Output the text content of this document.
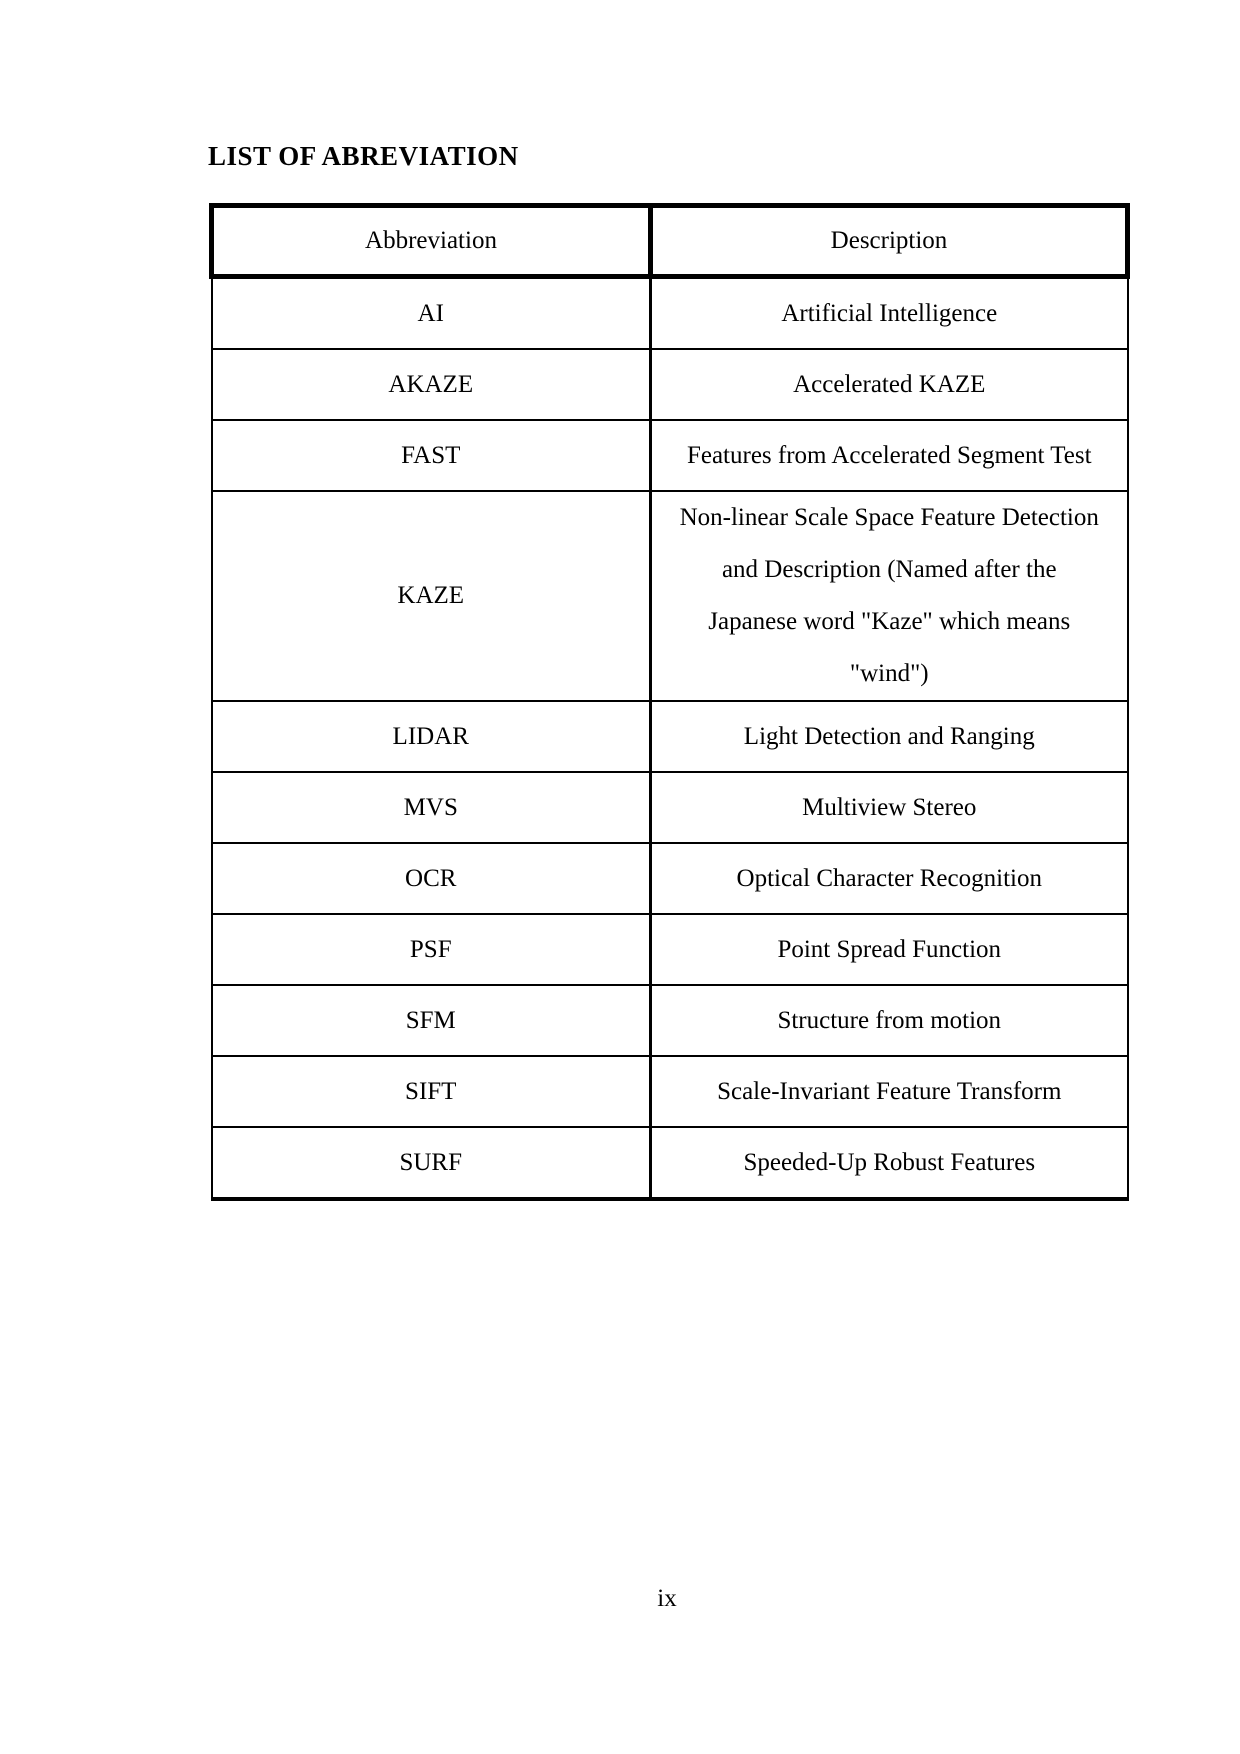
LIST OF ABREVIATION
Abbreviation	Description
AI	Artificial Intelligence
AKAZE	Accelerated KAZE
FAST	Features from Accelerated Segment Test
KAZE	Non-linear Scale Space Feature Detection
and Description (Named after the
Japanese word "Kaze" which means
"wind")
LIDAR	Light Detection and Ranging
MVS	Multiview Stereo
OCR	Optical Character Recognition
PSF	Point Spread Function
SFM	Structure from motion
SIFT	Scale-Invariant Feature Transform
SURF	Speeded-Up Robust Features
ix
